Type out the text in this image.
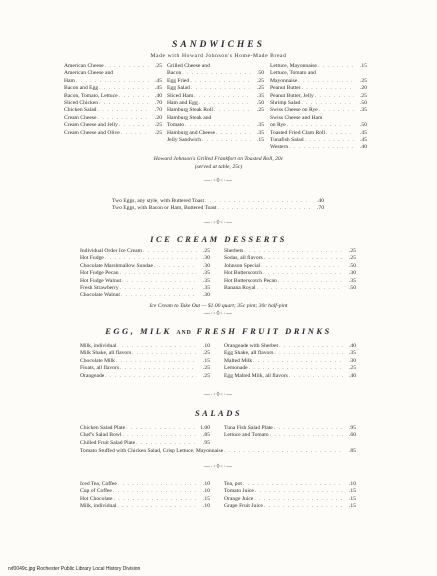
SANDWICHES
Made with Howard Johnson's Home-Made Bread
American Cheese . . .	.25
American Cheese and
Ham . . .	.45
Bacon and Egg . . .	.45
Bacon, Tomato, Lettuce . . .	.40
Sliced Chicken . . .	.70
Chicken Salad . . .	.70
Cream Cheese . . .	.20
Cream Cheese and Jelly . . .	.25
Cream Cheese and Olive . . .	.25
Grilled Cheese and
Bacon . . .	.50
Egg Fried . . .	.25
Egg Salad . . .	.25
Sliced Ham . . .	.35
Ham and Egg . . .	.50
Hamburg Steak Roll . . .	.25
Hamburg Steak and
Tomato . . .	.35
Hamburg and Cheese . . .	.35
Jelly Sandwich . . .	.15
Lettuce, Mayonnaise . . .	.15
Lettuce, Tomato and
Mayonnaise . . .	.25
Peanut Butter . . .	.20
Peanut Butter, Jelly . . .	.25
Shrimp Salad . . .	.50
Swiss Cheese on Rye . . .	.35
Swiss Cheese and Ham
on Rye . . .	.50
Toasted Fried Clam Roll . . .	.45
Tunafish Salad . . .	.45
Western . . .	.40
Howard Johnson's Grilled Frankfort on Toasted Roll, 20c
(served at table, 25c)
—∙◦◊◦∙—
Two Eggs, any style, with Buttered Toast . . .	.40
Two Eggs, with Bacon or Ham, Buttered Toast . . .	.70
—∙◦◊◦∙—
ICE CREAM DESSERTS
Individual Order Ice Cream . . .	.25
Hot Fudge . . .	.30
Chocolate Marshmallow Sundae . . .	.30
Hot Fudge Pecan . . .	.35
Hot Fudge Walnut . . .	.35
Fresh Strawberry . . .	.35
Chocolate Walnut . . .	.30
Sherbets . . .	.25
Sodas, all flavors . . .	.25
Johnson Special . . .	.50
Hot Butterscotch . . .	.30
Hot Butterscotch Pecan . . .	.35
Banana Royal . . .	.50
Ice Cream to Take Out — $1.00 quart; 35c pint; 30c half-pint
—∙◦◊◦∙—
EGG, MILK AND FRESH FRUIT DRINKS
Milk, individual . . .	.10
Milk Shake, all flavors . . .	.25
Chocolate Milk . . .	.15
Floats, all flavors . . .	.25
Orangeade . . .	.25
Orangeade with Sherbet . . .	.40
Egg Shake, all flavors . . .	.35
Malted Milk . . .	.30
Lemonade . . .	.25
Egg Malted Milk, all flavors . . .	.40
—∙◦◊◦∙—
SALADS
Chicken Salad Plate . . .	1.00
Chef's Salad Bowl . . .	.85
Chilled Fruit Salad Plate . . .	.95
Tuna Fish Salad Plate . . .	.95
Lettuce and Tomato . . .	.60
Tomato Stuffed with Chicken Salad, Crisp Lettuce, Mayonnaise . . .	.85
—∙◦◊◦∙—
Iced Tea, Coffee . . .	.10
Cup of Coffee . . .	.10
Hot Chocolate . . .	.15
Milk, individual . . .	.10
Tea, pot . . .	.10
Tomato Juice . . .	.15
Orange Juice . . .	.15
Grape Fruit Juice . . .	.15
rvf0049c.jpg Rochester Public Library Local History Division
